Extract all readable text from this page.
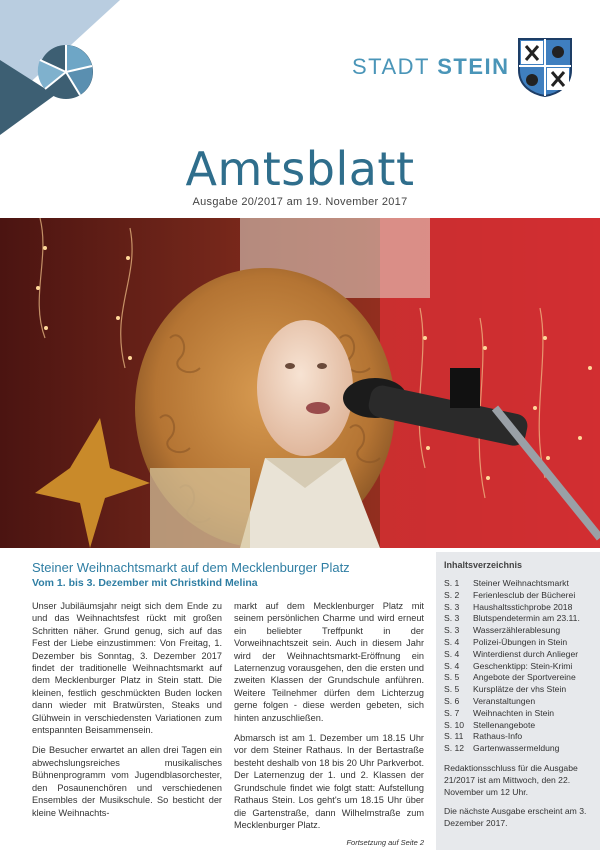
STADT STEIN
Amtsblatt
Ausgabe 20/2017 am 19. November 2017
Steiner Weihnachtsmarkt auf dem Mecklenburger Platz
Vom 1. bis 3. Dezember mit Christkind Melina

Unser Jubiläumsjahr neigt sich dem Ende zu und das Weihnachtsfest rückt mit großen Schritten näher. Grund genug, sich auf das Fest der Liebe einzustimmen: Von Freitag, 1. Dezember bis Sonntag, 3. Dezember 2017 findet der traditionelle Weihnachtsmarkt auf dem Mecklenburger Platz in Stein statt. Die kleinen, festlich geschmückten Buden locken dann wieder mit Bratwürsten, Steaks und Glühwein in verschiedensten Variationen zum entspannten Beisammensein.

Die Besucher erwartet an allen drei Tagen ein abwechslungsreiches musikalisches Bühnenprogramm vom Jugendblasorchester, den Posaunenchören und verschiedenen Ensembles der Musikschule. So besticht der kleine Weihnachts-

markt auf dem Mecklenburger Platz mit seinem persönlichen Charme und wird erneut ein beliebter Treffpunkt in der Vorweihnachtszeit sein. Auch in diesem Jahr wird der Weihnachtsmarkt-Eröffnung ein Laternenzug vorausgehen, den die ersten und zweiten Klassen der Grundschule anführen. Weitere Teilnehmer dürfen dem Lichterzug gerne folgen - diese werden gebeten, sich hinten anzuschließen.

Abmarsch ist am 1. Dezember um 18.15 Uhr vor dem Steiner Rathaus. In der Bertastraße besteht deshalb von 18 bis 20 Uhr Parkverbot. Der Laternenzug der 1. und 2. Klassen der Grundschule findet wie folgt statt: Aufstellung Rathaus Stein. Los geht's um 18.15 Uhr über die Gartenstraße, dann Wilhelmstraße zum Mecklenburger Platz.

Fortsetzung auf Seite 2
Inhaltsverzeichnis
S. 1	Steiner Weihnachtsmarkt
S. 2	Ferienlesclub der Bücherei
S. 3	Haushaltsstichprobe 2018
S. 3	Blutspendetermin am 23.11.
S. 3	Wasserzählerablesung
S. 4	Polizei-Übungen in Stein
S. 4	Winterdienst durch Anlieger
S. 4	Geschenktipp: Stein-Krimi
S. 5	Angebote der Sportvereine
S. 5	Kursplätze der vhs Stein
S. 6	Veranstaltungen
S. 7	Weihnachten in Stein
S. 10	Stellenangebote
S. 11	Rathaus-Info
S. 12	Gartenwassermeldung
Redaktionsschluss für die Ausgabe 21/2017 ist am Mittwoch, den 22. November um 12 Uhr.
Die nächste Ausgabe erscheint am 3. Dezember 2017.
